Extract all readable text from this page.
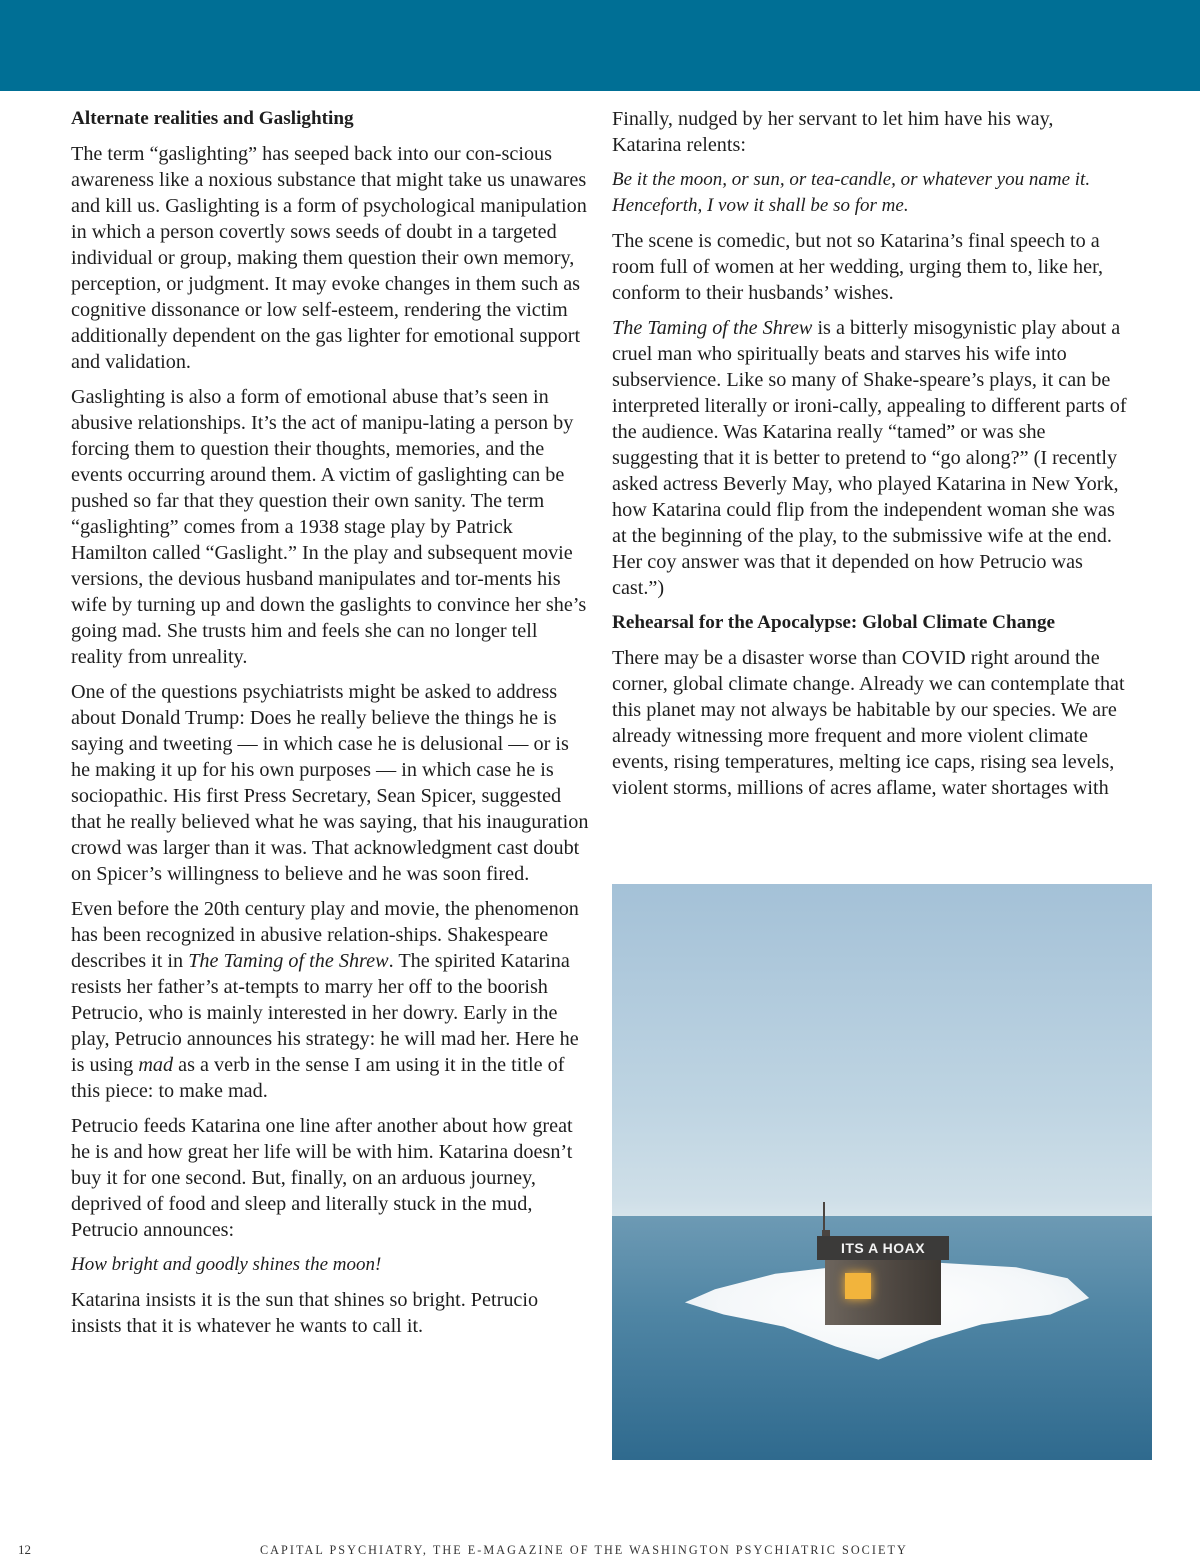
Alternate realities and Gaslighting

The term “gaslighting” has seeped back into our con-scious awareness like a noxious substance that might take us unawares and kill us. Gaslighting is a form of psychological manipulation in which a person covertly sows seeds of doubt in a targeted individual or group, making them question their own memory, perception, or judgment. It may evoke changes in them such as cognitive dissonance or low self-esteem, rendering the victim additionally dependent on the gas lighter for emotional support and validation.

Gaslighting is also a form of emotional abuse that’s seen in abusive relationships. It’s the act of manipu-lating a person by forcing them to question their thoughts, memories, and the events occurring around them. A victim of gaslighting can be pushed so far that they question their own sanity. The term “gaslighting” comes from a 1938 stage play by Patrick Hamilton called “Gaslight.” In the play and subsequent movie versions, the devious husband manipulates and tor-ments his wife by turning up and down the gaslights to convince her she’s going mad. She trusts him and feels she can no longer tell reality from unreality.

One of the questions psychiatrists might be asked to address about Donald Trump: Does he really believe the things he is saying and tweeting — in which case he is delusional — or is he making it up for his own purposes — in which case he is sociopathic. His first Press Secretary, Sean Spicer, suggested that he really believed what he was saying, that his inauguration crowd was larger than it was. That acknowledgment cast doubt on Spicer’s willingness to believe and he was soon fired.

Even before the 20th century play and movie, the phenomenon has been recognized in abusive relation-ships. Shakespeare describes it in The Taming of the Shrew. The spirited Katarina resists her father’s at-tempts to marry her off to the boorish Petrucio, who is mainly interested in her dowry. Early in the play, Petrucio announces his strategy: he will mad her. Here he is using mad as a verb in the sense I am using it in the title of this piece: to make mad.

Petrucio feeds Katarina one line after another about how great he is and how great her life will be with him. Katarina doesn’t buy it for one second. But, finally, on an arduous journey, deprived of food and sleep and literally stuck in the mud, Petrucio announces:

How bright and goodly shines the moon!

Katarina insists it is the sun that shines so bright. Petrucio insists that it is whatever he wants to call it.

Finally, nudged by her servant to let him have his way, Katarina relents:

Be it the moon, or sun, or tea-candle, or whatever you name it. Henceforth, I vow it shall be so for me.

The scene is comedic, but not so Katarina’s final speech to a room full of women at her wedding, urging them to, like her, conform to their husbands’ wishes.

The Taming of the Shrew is a bitterly misogynistic play about a cruel man who spiritually beats and starves his wife into subservience. Like so many of Shake-speare’s plays, it can be interpreted literally or ironi-cally, appealing to different parts of the audience. Was Katarina really “tamed” or was she suggesting that it is better to pretend to “go along?” (I recently asked actress Beverly May, who played Katarina in New York, how Katarina could flip from the independent woman she was at the beginning of the play, to the submissive wife at the end. Her coy answer was that it depended on how Petrucio was cast.”)

Rehearsal for the Apocalypse: Global Climate Change

There may be a disaster worse than COVID right around the corner, global climate change. Already we can contemplate that this planet may not always be habitable by our species. We are already witnessing more frequent and more violent climate events, rising temperatures, melting ice caps, rising sea levels, violent storms, millions of acres aflame, water shortages with

ITS A HOAX
12	CAPITAL PSYCHIATRY, THE E-MAGAZINE OF THE WASHINGTON PSYCHIATRIC SOCIETY
